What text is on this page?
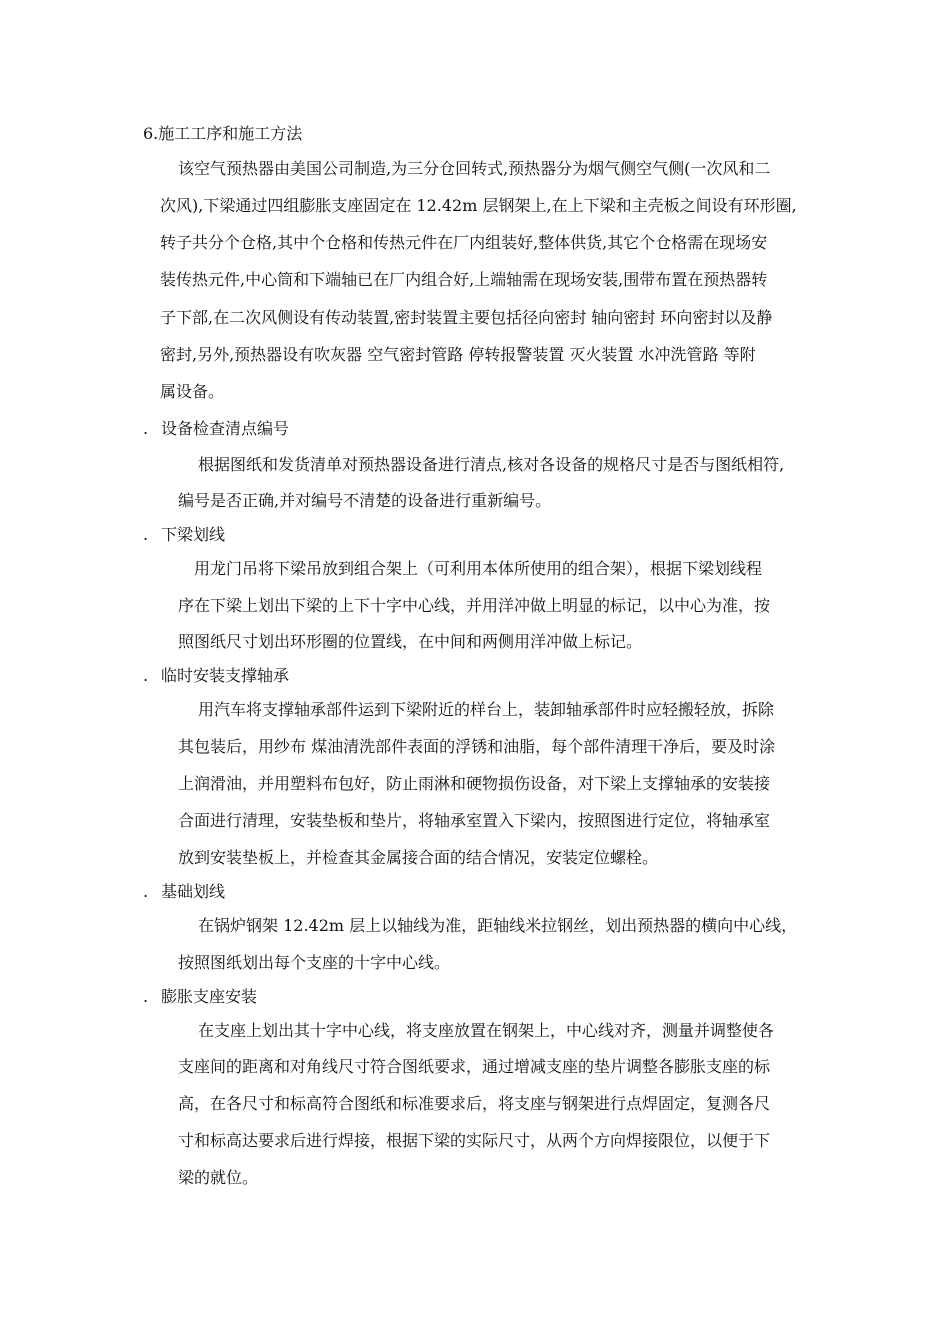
6.施工工序和施工方法
该空气预热器由美国公司制造,为三分仓回转式,预热器分为烟气侧空气侧(一次风和二
次风),下梁通过四组膨胀支座固定在 12.42m 层钢架上,在上下梁和主壳板之间设有环形圈,
转子共分个仓格,其中个仓格和传热元件在厂内组装好,整体供货,其它个仓格需在现场安
装传热元件,中心筒和下端轴已在厂内组合好,上端轴需在现场安装,围带布置在预热器转
子下部,在二次风侧设有传动装置,密封装置主要包括径向密封 轴向密封 环向密封以及静
密封,另外,预热器设有吹灰器 空气密封管路 停转报警装置 灭火装置 水冲洗管路 等附
属设备。
. 设备检查清点编号
根据图纸和发货清单对预热器设备进行清点,核对各设备的规格尺寸是否与图纸相符,
编号是否正确,并对编号不清楚的设备进行重新编号。
. 下梁划线
用龙门吊将下梁吊放到组合架上（可利用本体所使用的组合架），根据下梁划线程
序在下梁上划出下梁的上下十字中心线，并用洋冲做上明显的标记，以中心为准，按
照图纸尺寸划出环形圈的位置线，在中间和两侧用洋冲做上标记。
. 临时安装支撑轴承
用汽车将支撑轴承部件运到下梁附近的样台上，装卸轴承部件时应轻搬轻放，拆除
其包装后，用纱布 煤油清洗部件表面的浮锈和油脂，每个部件清理干净后，要及时涂
上润滑油，并用塑料布包好，防止雨淋和硬物损伤设备，对下梁上支撑轴承的安装接
合面进行清理，安装垫板和垫片，将轴承室置入下梁内，按照图进行定位，将轴承室
放到安装垫板上，并检查其金属接合面的结合情况，安装定位螺栓。
. 基础划线
在锅炉钢架 12.42m 层上以轴线为准，距轴线米拉钢丝，划出预热器的横向中心线，
按照图纸划出每个支座的十字中心线。
. 膨胀支座安装
在支座上划出其十字中心线，将支座放置在钢架上，中心线对齐，测量并调整使各
支座间的距离和对角线尺寸符合图纸要求，通过增减支座的垫片调整各膨胀支座的标
高，在各尺寸和标高符合图纸和标准要求后，将支座与钢架进行点焊固定，复测各尺
寸和标高达要求后进行焊接，根据下梁的实际尺寸，从两个方向焊接限位，以便于下
梁的就位。
